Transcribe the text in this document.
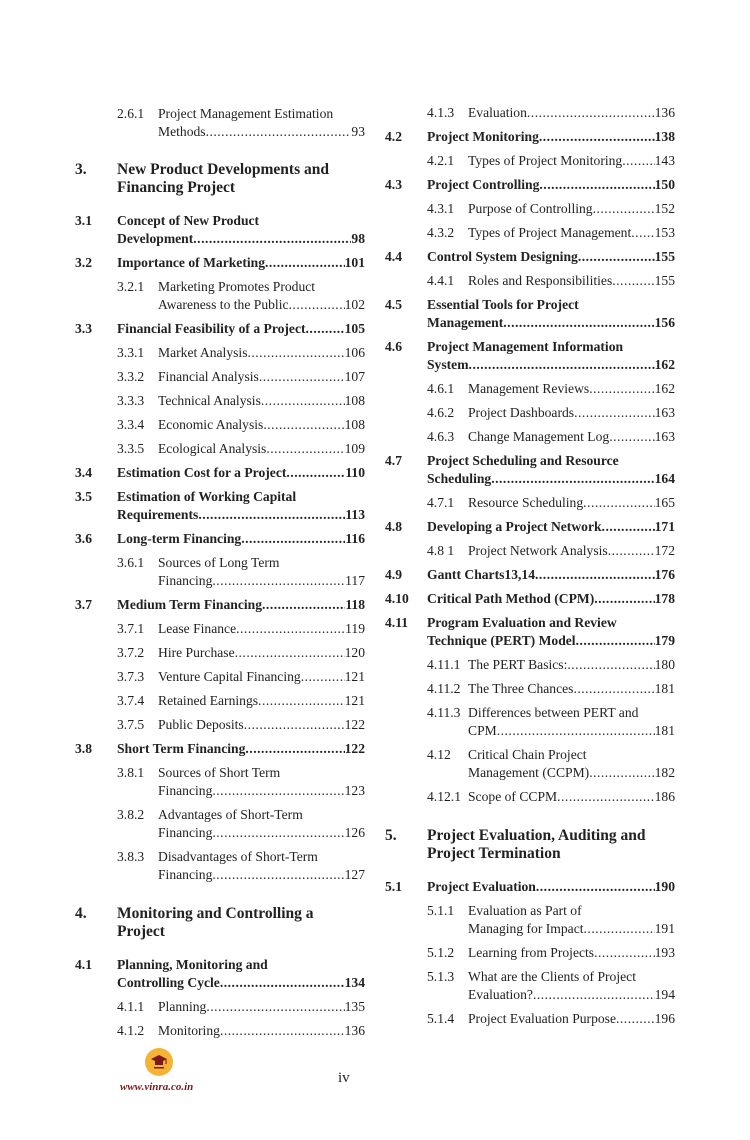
2.6.1 Project Management Estimation
Methods .....	93
3. New Product Developments and
Financing Project
3.1 Concept of New Product
Development .....	98
3.2 Importance of Marketing .....	101
3.2.1 Marketing Promotes Product
Awareness to the Public .....	102
3.3 Financial Feasibility of a Project .....	105
3.3.1 Market Analysis .....	106
3.3.2 Financial Analysis .....	107
3.3.3 Technical Analysis .....	108
3.3.4 Economic Analysis .....	108
3.3.5 Ecological Analysis .....	109
3.4 Estimation Cost for a Project .....	110
3.5 Estimation of Working Capital
Requirements .....	113
3.6 Long-term Financing .....	116
3.6.1 Sources of Long Term
Financing .....	117
3.7 Medium Term Financing .....	118
3.7.1 Lease Finance .....	119
3.7.2 Hire Purchase .....	120
3.7.3 Venture Capital Financing .....	121
3.7.4 Retained Earnings .....	121
3.7.5 Public Deposits .....	122
3.8 Short Term Financing .....	122
3.8.1 Sources of Short Term
Financing .....	123
3.8.2 Advantages of Short-Term
Financing .....	126
3.8.3 Disadvantages of Short-Term
Financing .....	127
4. Monitoring and Controlling a
Project
4.1 Planning, Monitoring and
Controlling Cycle .....	134
4.1.1 Planning .....	135
4.1.2 Monitoring .....	136
4.1.3 Evaluation .....	136
4.2 Project Monitoring .....	138
4.2.1 Types of Project Monitoring ..... 143
4.3 Project Controlling .....	150
4.3.1 Purpose of Controlling .....	152
4.3.2 Types of Project Management ..... 153
4.4 Control System Designing .....	155
4.4.1 Roles and Responsibilities .....	155
4.5 Essential Tools for Project
Management .....	156
4.6 Project Management Information
System .....	162
4.6.1 Management Reviews .....	162
4.6.2 Project Dashboards .....	163
4.6.3 Change Management Log .....	163
4.7 Project Scheduling and Resource
Scheduling .....	164
4.7.1 Resource Scheduling .....	165
4.8 Developing a Project Network .....	171
4.8 1 Project Network Analysis .....	172
4.9 Gantt Charts13,14 .....	176
4.10 Critical Path Method (CPM) .....	178
4.11 Program Evaluation and Review
Technique (PERT) Model .....	179
4.11.1 The PERT Basics: .....	180
4.11.2 The Three Chances .....	181
4.11.3 Differences between PERT and
CPM .....	181
4.12 Critical Chain Project
Management (CCPM) .....	182
4.12.1 Scope of CCPM .....	186
5. Project Evaluation, Auditing and
Project Termination
5.1 Project Evaluation .....	190
5.1.1 Evaluation as Part of
Managing for Impact .....	191
5.1.2 Learning from Projects .....	193
5.1.3 What are the Clients of Project
Evaluation? .....	194
5.1.4 Project Evaluation Purpose .....	196
www.vinra.co.in
iv
